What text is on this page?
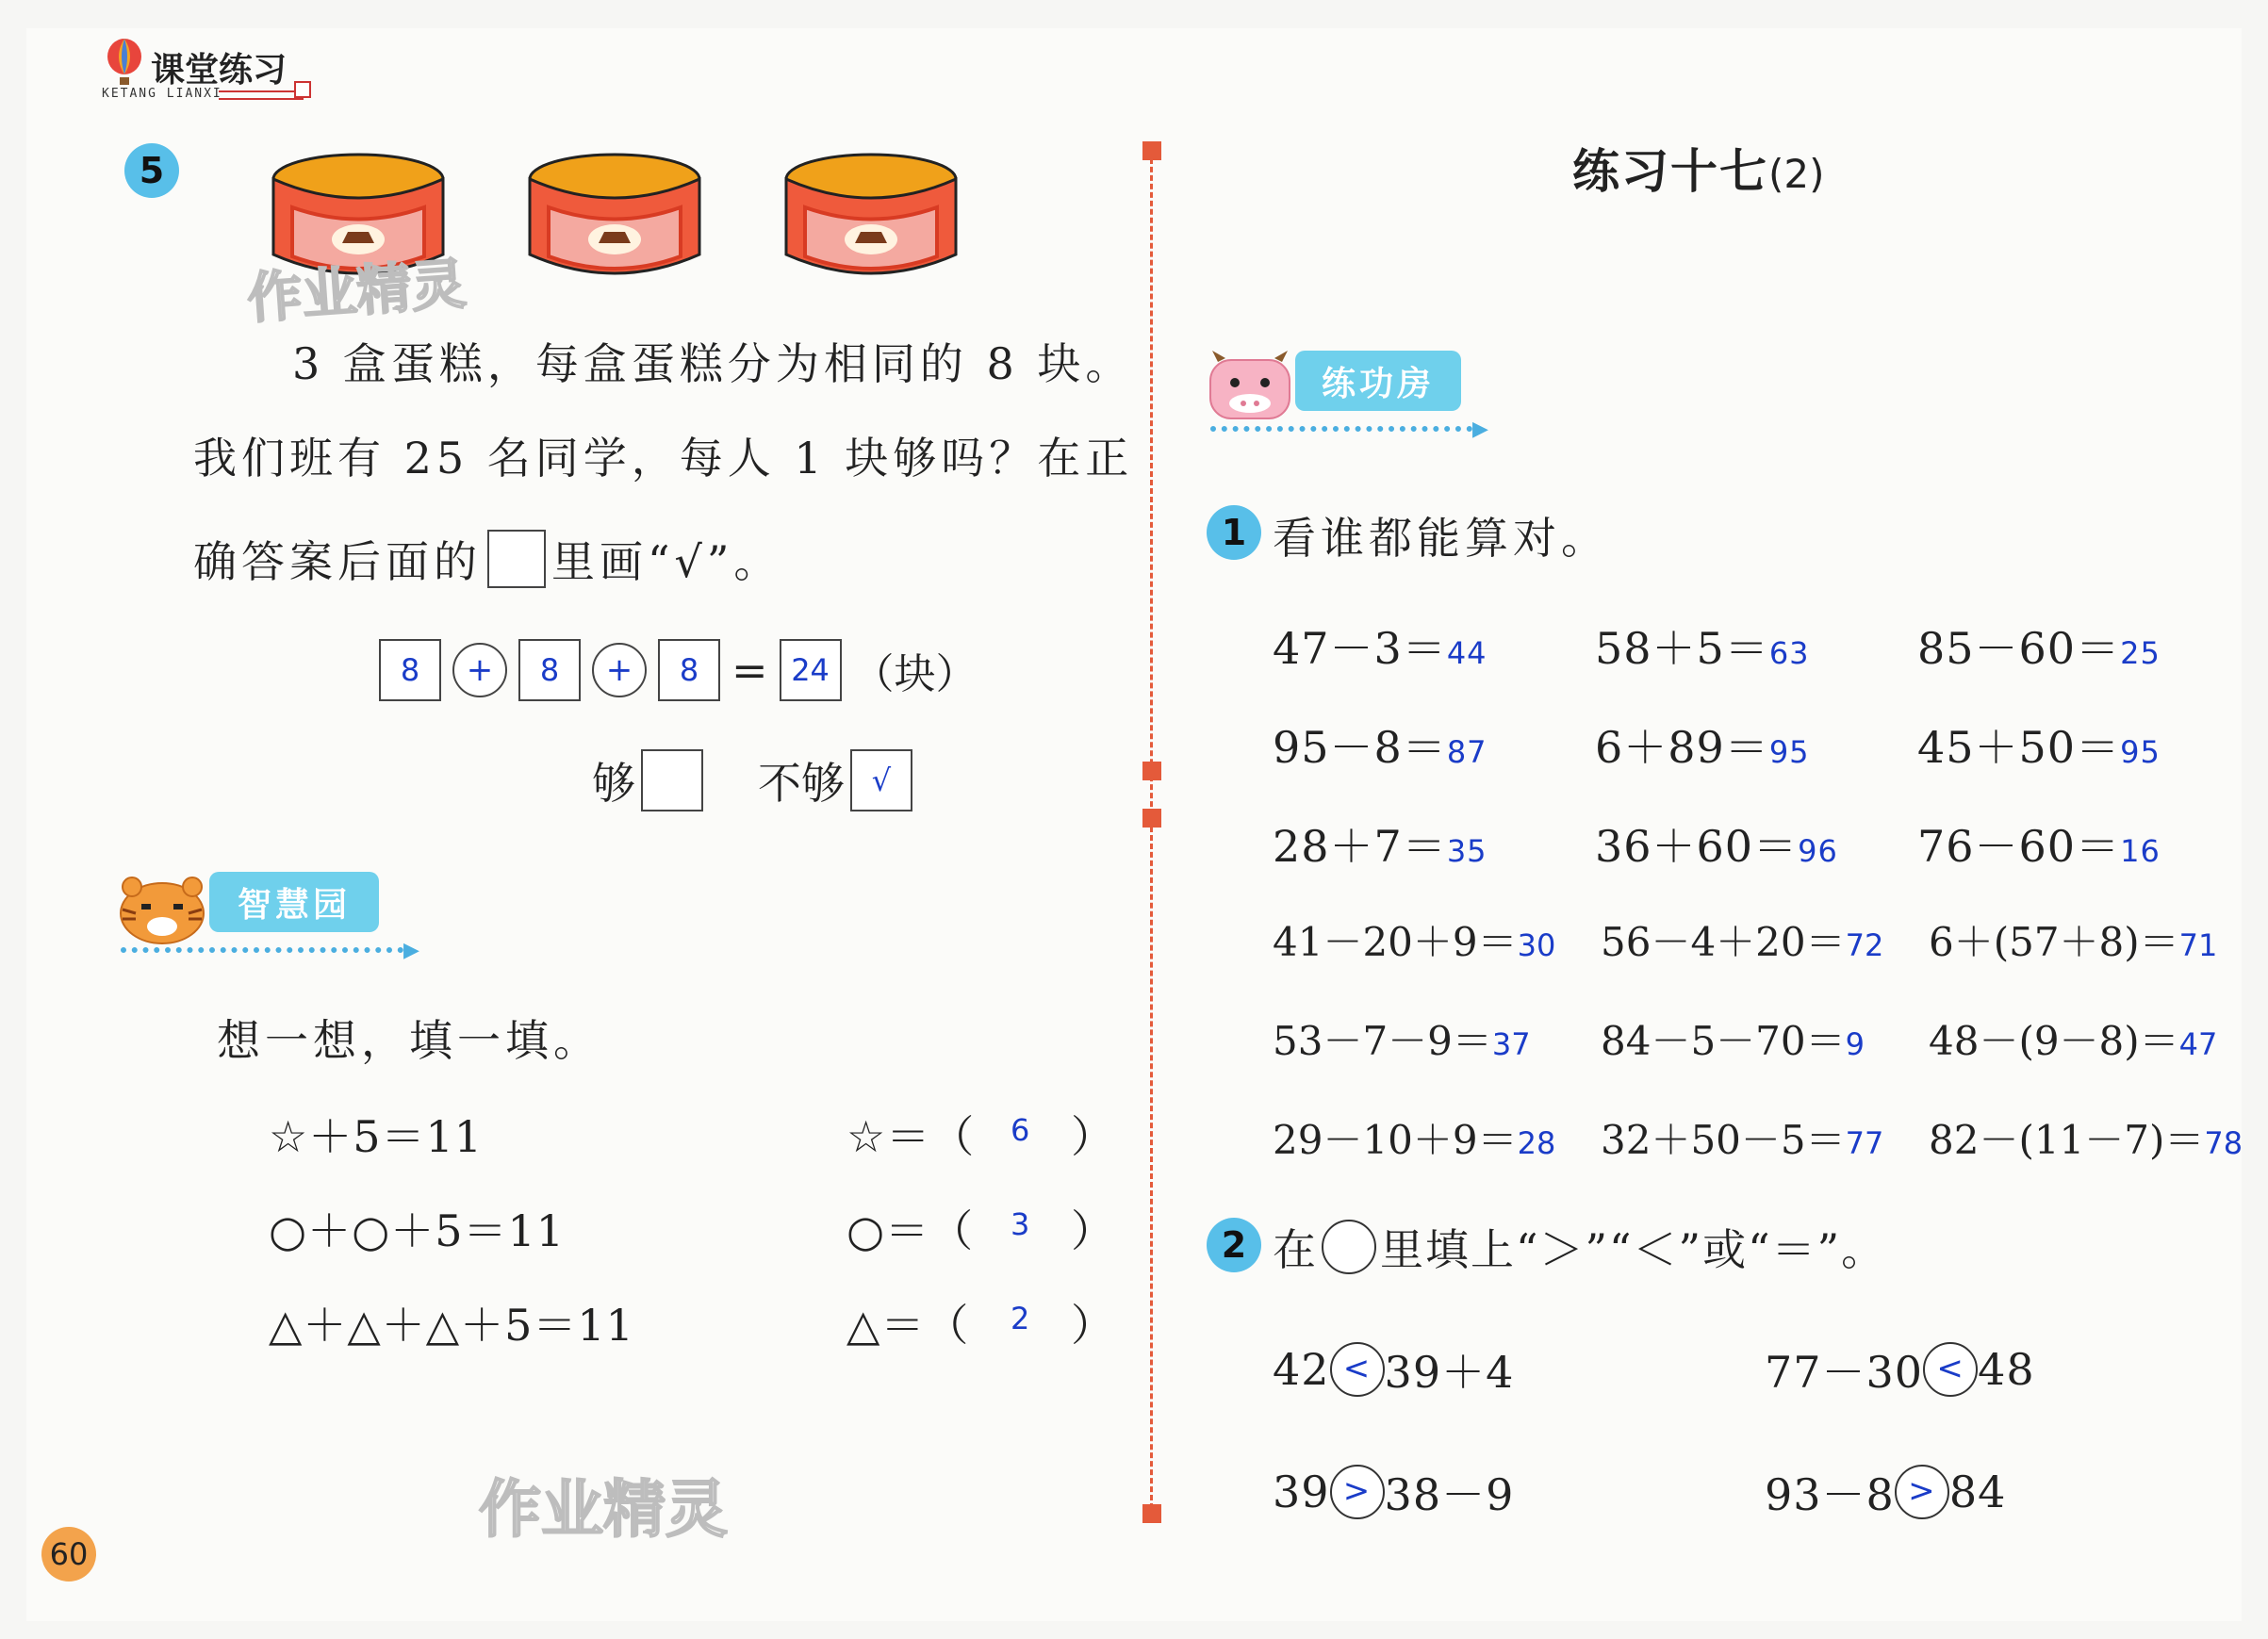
课堂练习
KETANG LIANXI
5
作业精灵
3 盒蛋糕，每盒蛋糕分为相同的 8 块。
我们班有 25 名同学，每人 1 块够吗？在正
确答案后面的 里画“√”。
8	+	8	+	8 = 24 （块）
够	不够 √
智慧园
▶
想一想，填一填。
☆＋5＝11
○＋○＋5＝11
△＋△＋△＋5＝11
☆＝（ 6 ）
○＝（ 3 ）
△＝（ 2 ）
作业精灵
60
练习十七 (2)
练功房
▶
1 看谁都能算对。
47－3＝44 58＋5＝63 85－60＝25
95－8＝87 6＋89＝95 45＋50＝95
28＋7＝35 36＋60＝96 76－60＝16
41－20＋9＝30 56－4＋20＝72 6＋(57＋8)＝71
53－7－9＝37 84－5－70＝9 48－(9－8)＝47
29－10＋9＝28 32＋50－5＝77 82－(11－7)＝78
2 在 里填上“＞”“＜”或“＝”。
42 < 39＋4	77－30 < 48
39 > 38－9	93－8 > 84
